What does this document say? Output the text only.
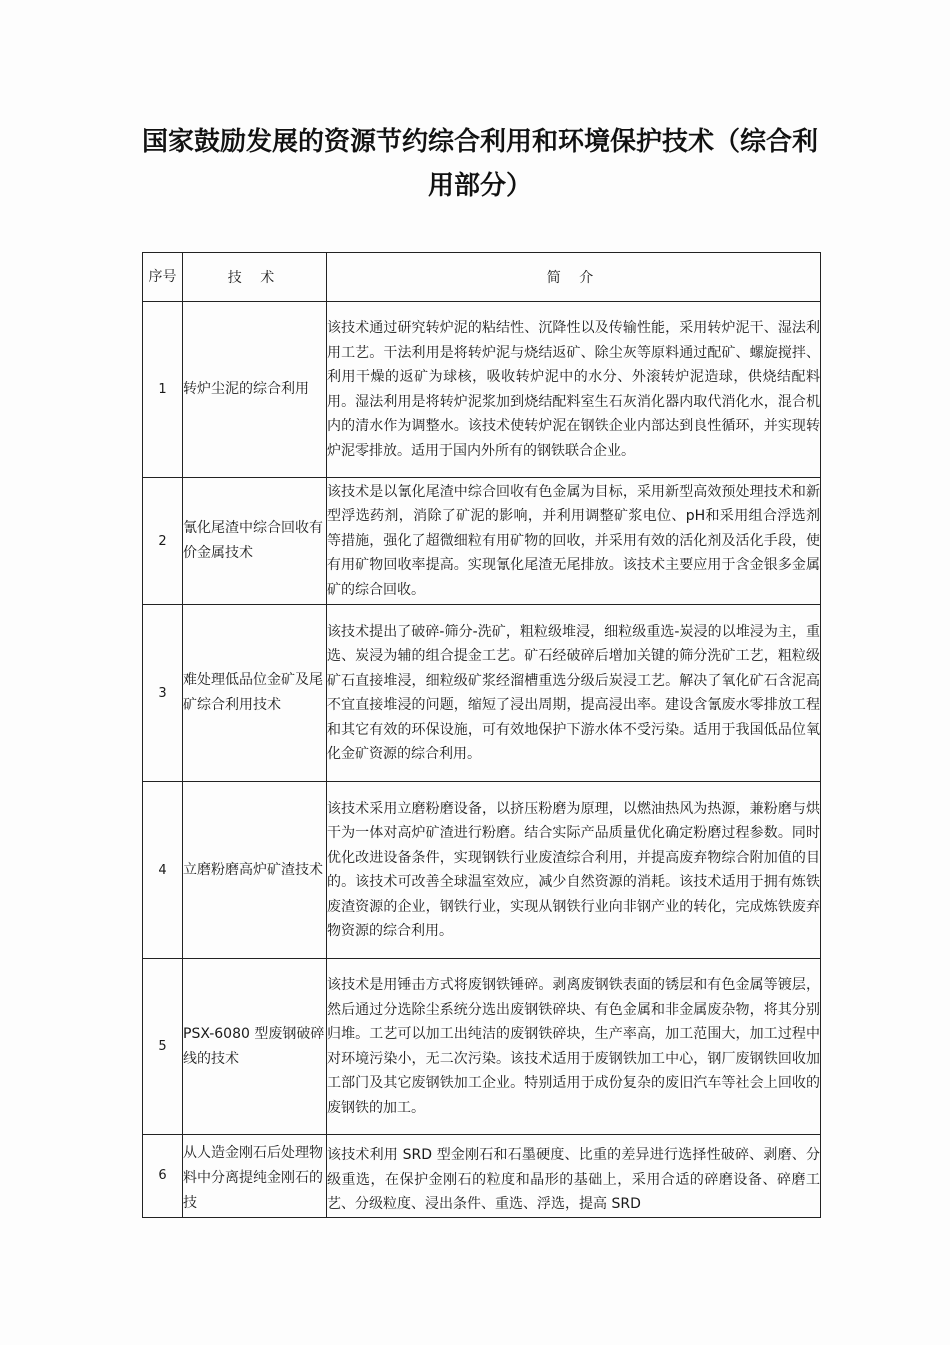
国家鼓励发展的资源节约综合利用和环境保护技术（综合利用部分）
序号	技 术	简 介
1	转炉尘泥的综合利用	该技术通过研究转炉泥的粘结性、沉降性以及传输性能，采用转炉泥干、湿法利用工艺。干法利用是将转炉泥与烧结返矿、除尘灰等原料通过配矿、螺旋搅拌、利用干燥的返矿为球核，吸收转炉泥中的水分、外滚转炉泥造球，供烧结配料用。湿法利用是将转炉泥浆加到烧结配料室生石灰消化器内取代消化水，混合机内的清水作为调整水。该技术使转炉泥在钢铁企业内部达到良性循环，并实现转炉泥零排放。适用于国内外所有的钢铁联合企业。
2	氰化尾渣中综合回收有价金属技术	该技术是以氰化尾渣中综合回收有色金属为目标，采用新型高效预处理技术和新型浮选药剂，消除了矿泥的影响，并利用调整矿浆电位、pH和采用组合浮选剂等措施，强化了超微细粒有用矿物的回收，并采用有效的活化剂及活化手段，使有用矿物回收率提高。实现氰化尾渣无尾排放。该技术主要应用于含金银多金属矿的综合回收。
3	难处理低品位金矿及尾矿综合利用技术	该技术提出了破碎-筛分-洗矿，粗粒级堆浸，细粒级重选-炭浸的以堆浸为主，重选、炭浸为辅的组合提金工艺。矿石经破碎后增加关键的筛分洗矿工艺，粗粒级矿石直接堆浸，细粒级矿浆经溜槽重选分级后炭浸工艺。解决了氧化矿石含泥高不宜直接堆浸的问题，缩短了浸出周期，提高浸出率。建设含氰废水零排放工程和其它有效的环保设施，可有效地保护下游水体不受污染。适用于我国低品位氧化金矿资源的综合利用。
4	立磨粉磨高炉矿渣技术	该技术采用立磨粉磨设备，以挤压粉磨为原理，以燃油热风为热源，兼粉磨与烘干为一体对高炉矿渣进行粉磨。结合实际产品质量优化确定粉磨过程参数。同时优化改进设备条件，实现钢铁行业废渣综合利用，并提高废弃物综合附加值的目的。该技术可改善全球温室效应，减少自然资源的消耗。该技术适用于拥有炼铁废渣资源的企业，钢铁行业，实现从钢铁行业向非钢产业的转化，完成炼铁废弃物资源的综合利用。
5	PSX-6080 型废钢破碎线的技术	该技术是用锤击方式将废钢铁锤碎。剥离废钢铁表面的锈层和有色金属等镀层，然后通过分选除尘系统分选出废钢铁碎块、有色金属和非金属废杂物，将其分别归堆。工艺可以加工出纯洁的废钢铁碎块，生产率高，加工范围大，加工过程中对环境污染小，无二次污染。该技术适用于废钢铁加工中心，钢厂废钢铁回收加工部门及其它废钢铁加工企业。特别适用于成份复杂的废旧汽车等社会上回收的废钢铁的加工。
6	从人造金刚石后处理物料中分离提纯金刚石的技	该技术利用 SRD 型金刚石和石墨硬度、比重的差异进行选择性破碎、剥磨、分级重选，在保护金刚石的粒度和晶形的基础上，采用合适的碎磨设备、碎磨工艺、分级粒度、浸出条件、重选、浮选，提高 SRD
